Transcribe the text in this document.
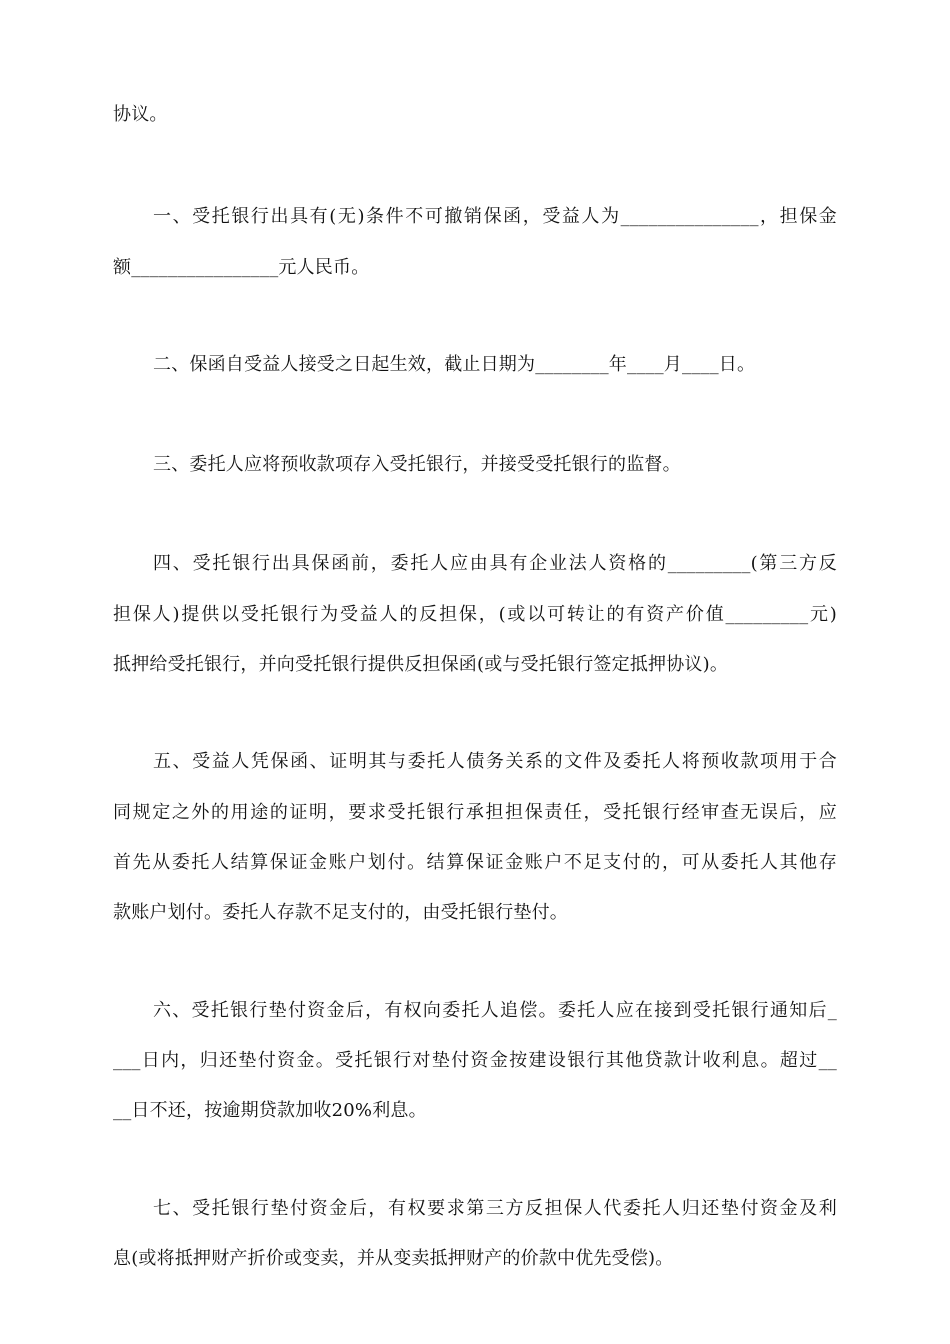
协议。
一、受托银行出具有(无)条件不可撤销保函，受益人为_______________，担保金
额________________元人民币。
二、保函自受益人接受之日起生效，截止日期为________年____月____日。
三、委托人应将预收款项存入受托银行，并接受受托银行的监督。
四、受托银行出具保函前，委托人应由具有企业法人资格的_________(第三方反
担保人)提供以受托银行为受益人的反担保，(或以可转让的有资产价值_________元)
抵押给受托银行，并向受托银行提供反担保函(或与受托银行签定抵押协议)。
五、受益人凭保函、证明其与委托人债务关系的文件及委托人将预收款项用于合
同规定之外的用途的证明，要求受托银行承担担保责任，受托银行经审查无误后，应
首先从委托人结算保证金账户划付。结算保证金账户不足支付的，可从委托人其他存
款账户划付。委托人存款不足支付的，由受托银行垫付。
六、受托银行垫付资金后，有权向委托人追偿。委托人应在接到受托银行通知后_
___日内，归还垫付资金。受托银行对垫付资金按建设银行其他贷款计收利息。超过__
__日不还，按逾期贷款加收20%利息。
七、受托银行垫付资金后，有权要求第三方反担保人代委托人归还垫付资金及利
息(或将抵押财产折价或变卖，并从变卖抵押财产的价款中优先受偿)。
